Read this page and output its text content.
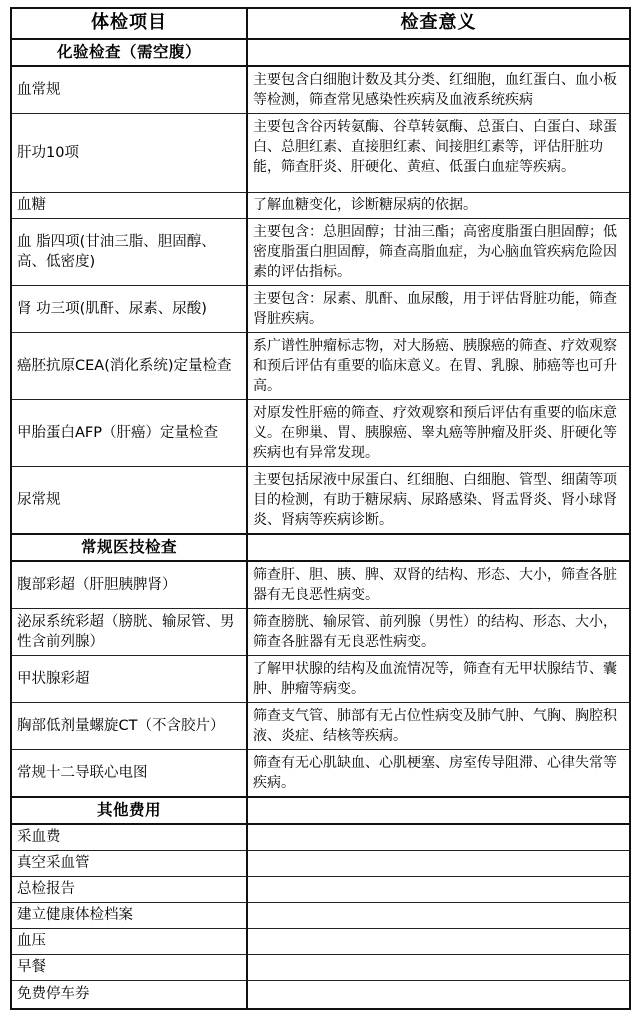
体检项目	检查意义
化验检查（需空腹）	
血常规	主要包含白细胞计数及其分类、红细胞，血红蛋白、血小板等检测，筛查常见感染性疾病及血液系统疾病
肝功10项	主要包含谷丙转氨酶、谷草转氨酶、总蛋白、白蛋白、球蛋白、总胆红素、直接胆红素、间接胆红素等，评估肝脏功能，筛查肝炎、肝硬化、黄疸、低蛋白血症等疾病。
血糖	了解血糖变化，诊断糖尿病的依据。
血 脂四项(甘油三脂、胆固醇、高、低密度)	主要包含：总胆固醇；甘油三酯；高密度脂蛋白胆固醇；低密度脂蛋白胆固醇，筛查高脂血症，为心脑血管疾病危险因素的评估指标。
肾 功三项(肌酐、尿素、尿酸)	主要包含：尿素、肌酐、血尿酸，用于评估肾脏功能，筛查肾脏疾病。
癌胚抗原CEA(消化系统)定量检查	系广谱性肿瘤标志物，对大肠癌、胰腺癌的筛查、疗效观察和预后评估有重要的临床意义。在胃、乳腺、肺癌等也可升高。
甲胎蛋白AFP（肝癌）定量检查	对原发性肝癌的筛查、疗效观察和预后评估有重要的临床意义。在卵巢、胃、胰腺癌、睾丸癌等肿瘤及肝炎、肝硬化等疾病也有异常发现。
尿常规	主要包括尿液中尿蛋白、红细胞、白细胞、管型、细菌等项目的检测，有助于糖尿病、尿路感染、肾盂肾炎、肾小球肾炎、肾病等疾病诊断。
常规医技检查	
腹部彩超（肝胆胰脾肾）	筛查肝、胆、胰、脾、双肾的结构、形态、大小，筛查各脏器有无良恶性病变。
泌尿系统彩超（膀胱、输尿管、男性含前列腺）	筛查膀胱、输尿管、前列腺（男性）的结构、形态、大小，筛查各脏器有无良恶性病变。
甲状腺彩超	了解甲状腺的结构及血流情况等，筛查有无甲状腺结节、囊肿、肿瘤等病变。
胸部低剂量螺旋CT（不含胶片）	筛查支气管、肺部有无占位性病变及肺气肿、气胸、胸腔积液、炎症、结核等疾病。
常规十二导联心电图	筛查有无心肌缺血、心肌梗塞、房室传导阻滞、心律失常等疾病。
其他费用	
采血费	
真空采血管	
总检报告	
建立健康体检档案	
血压	
早餐	
免费停车券	
